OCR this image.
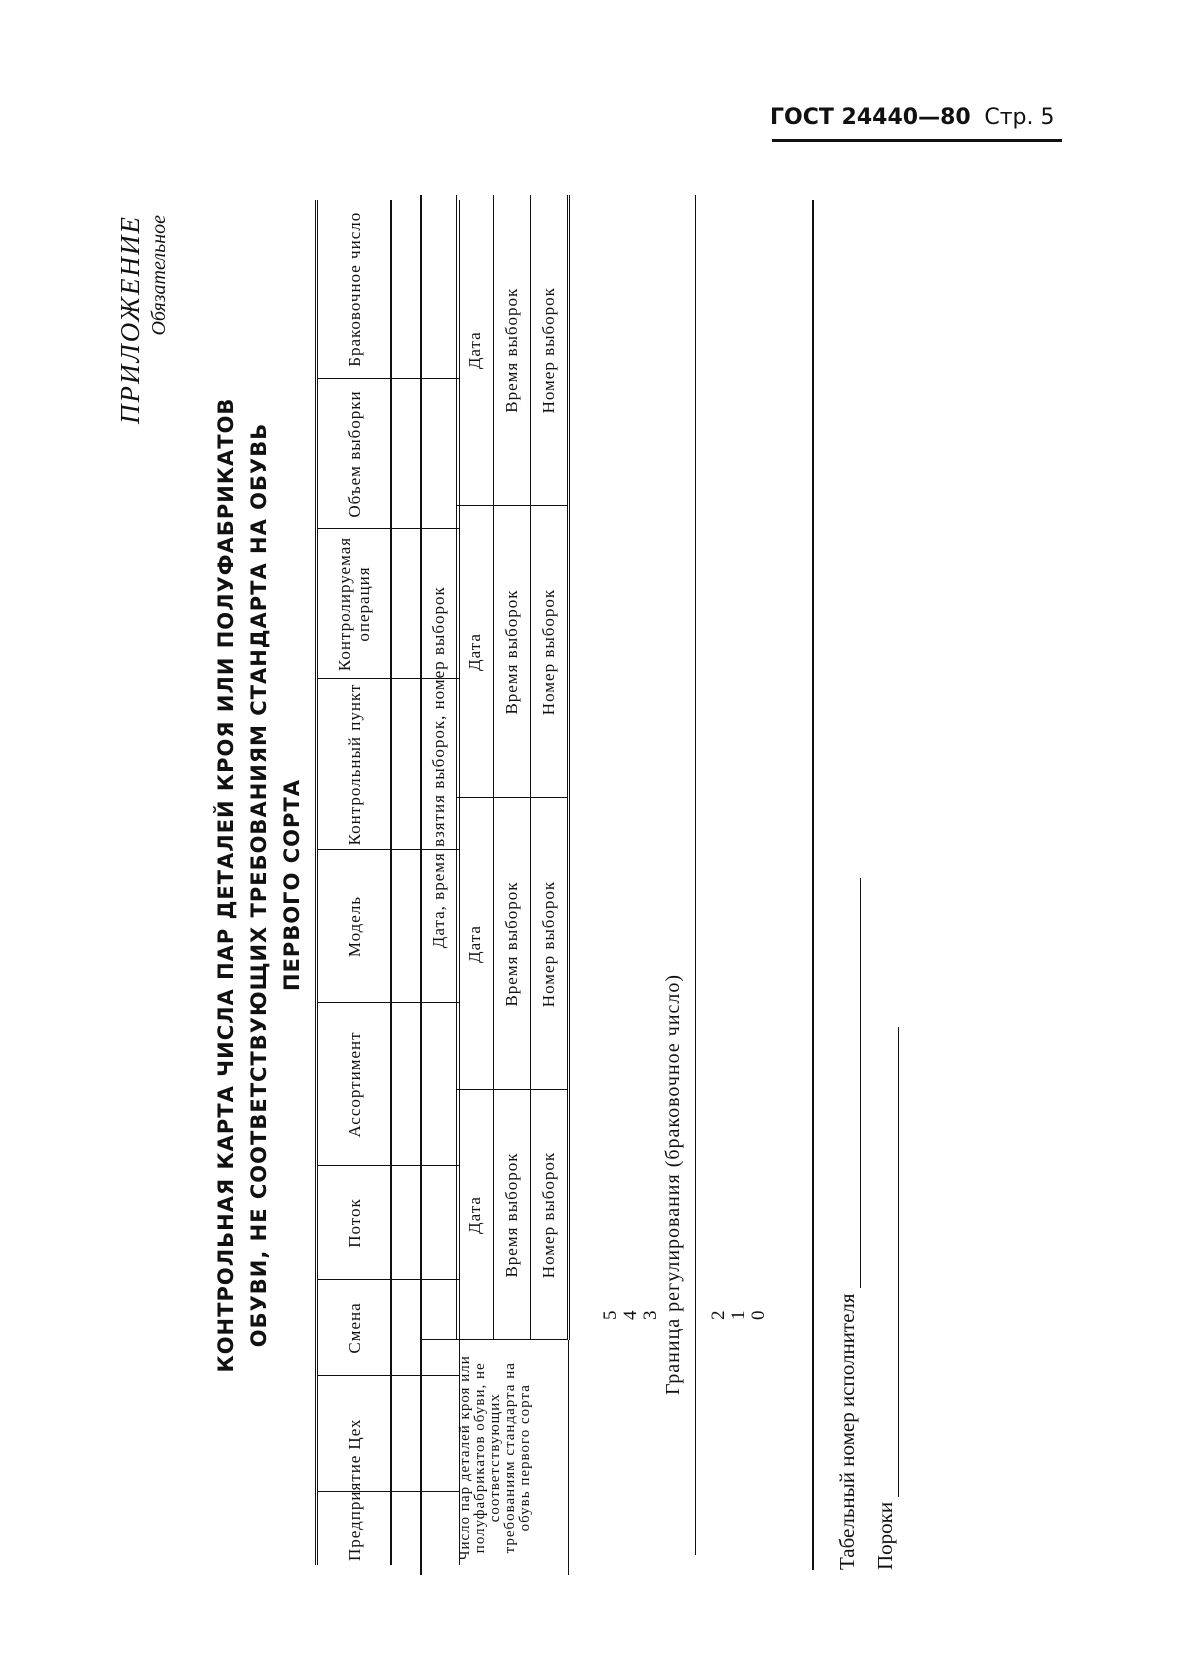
ГОСТ 24440—80 Стр. 5
ПРИЛОЖЕНИЕ Обязательное
КОНТРОЛЬНАЯ КАРТА ЧИСЛА ПАР ДЕТАЛЕЙ КРОЯ ИЛИ ПОЛУФАБРИКАТОВ ОБУВИ, НЕ СООТВЕТСТВУЮЩИХ ТРЕБОВАНИЯМ СТАНДАРТА НА ОБУВЬ ПЕРВОГО СОРТА
Предприятие	Цех	Смена	Поток	Ассортимент	Модель	Контрольный пункт	Контролируемая операция	Объем выборки	Браковочное число

Число пар деталей кроя или полуфабрикатов обуви, не соответствующих требованиям стандарта на обувь первого сорта	Дата, время взятия выборок, номер выборок			
	Дата	Дата	Дата	Дата
	Время выборок	Время выборок	Время выборок	Время выборок
	Номер выборок	Номер выборок	Номер выборок	Номер выборок
5 4 3 Граница регулирования (браковочное число) 2 1 0	Табельный номер исполнителя Пороки
